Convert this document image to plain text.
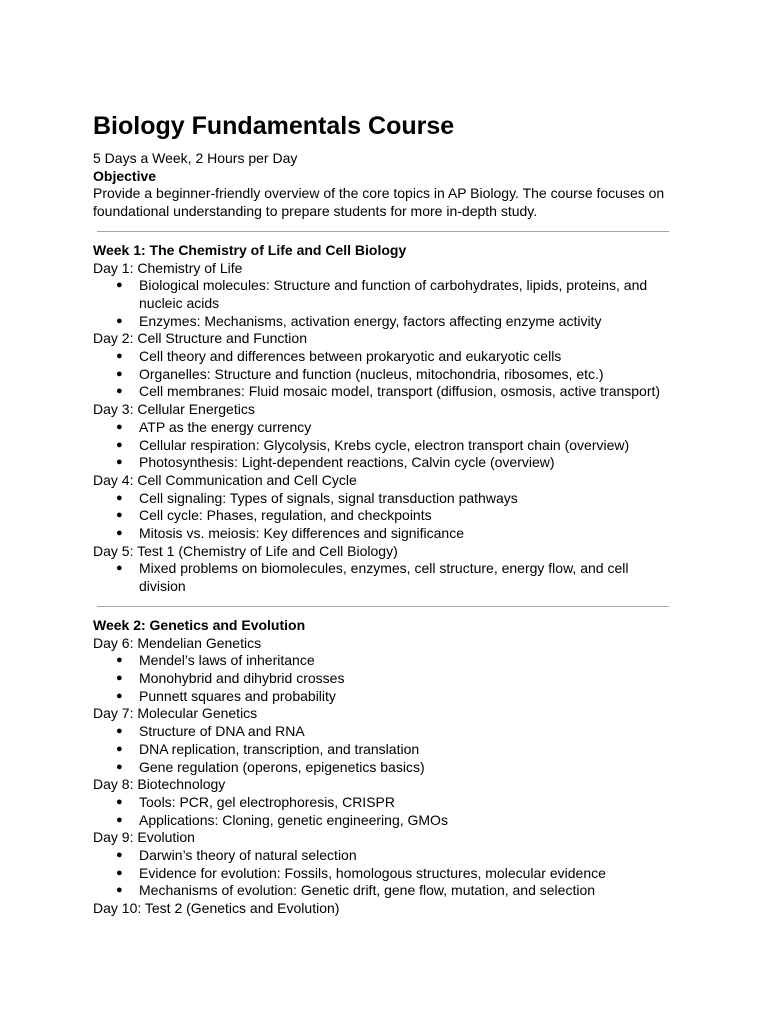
Biology Fundamentals Course

5 Days a Week, 2 Hours per Day

Objective

Provide a beginner-friendly overview of the core topics in AP Biology. The course focuses on foundational understanding to prepare students for more in-depth study.

Week 1: The Chemistry of Life and Cell Biology

Day 1: Chemistry of Life

● Biological molecules: Structure and function of carbohydrates, lipids, proteins, and nucleic acids
● Enzymes: Mechanisms, activation energy, factors affecting enzyme activity

Day 2: Cell Structure and Function

● Cell theory and differences between prokaryotic and eukaryotic cells
● Organelles: Structure and function (nucleus, mitochondria, ribosomes, etc.)
● Cell membranes: Fluid mosaic model, transport (diffusion, osmosis, active transport)

Day 3: Cellular Energetics

● ATP as the energy currency
● Cellular respiration: Glycolysis, Krebs cycle, electron transport chain (overview)
● Photosynthesis: Light-dependent reactions, Calvin cycle (overview)

Day 4: Cell Communication and Cell Cycle

● Cell signaling: Types of signals, signal transduction pathways
● Cell cycle: Phases, regulation, and checkpoints
● Mitosis vs. meiosis: Key differences and significance

Day 5: Test 1 (Chemistry of Life and Cell Biology)

● Mixed problems on biomolecules, enzymes, cell structure, energy flow, and cell division

Week 2: Genetics and Evolution

Day 6: Mendelian Genetics

● Mendel’s laws of inheritance
● Monohybrid and dihybrid crosses
● Punnett squares and probability

Day 7: Molecular Genetics

● Structure of DNA and RNA
● DNA replication, transcription, and translation
● Gene regulation (operons, epigenetics basics)

Day 8: Biotechnology

● Tools: PCR, gel electrophoresis, CRISPR
● Applications: Cloning, genetic engineering, GMOs

Day 9: Evolution

● Darwin’s theory of natural selection
● Evidence for evolution: Fossils, homologous structures, molecular evidence
● Mechanisms of evolution: Genetic drift, gene flow, mutation, and selection

Day 10: Test 2 (Genetics and Evolution)
